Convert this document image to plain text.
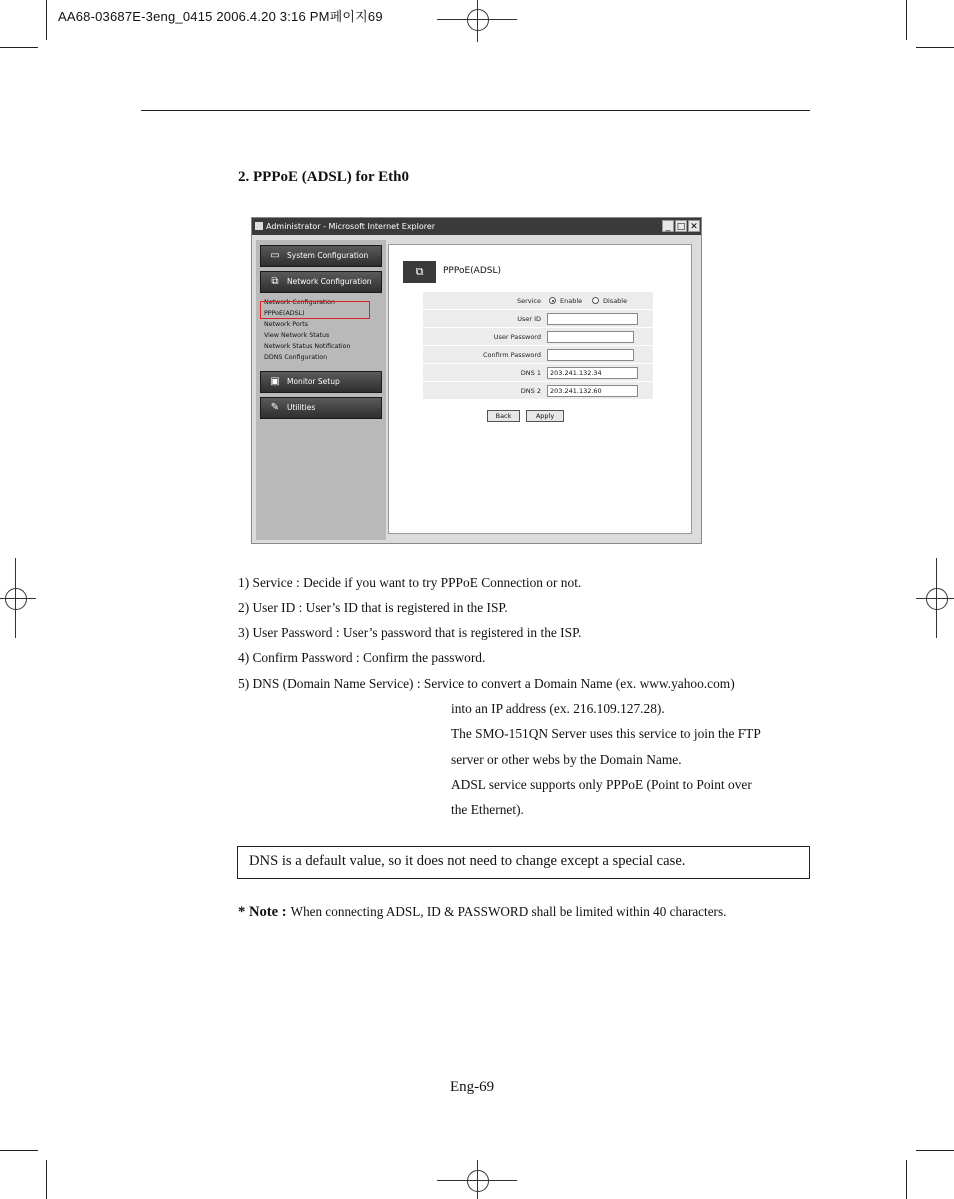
AA68-03687E-3eng_0415 2006.4.20 3:16 PM페이지69
2. PPPoE (ADSL) for Eth0
Administrator - Microsoft Internet Explorer	_ □ ✕
▭ System Configuration
⧉	Network Configuration
Network Configuration
PPPoE(ADSL)
Network Ports
View Network Status
Network Status Notification
DDNS Configuration
▣ Monitor Setup
✎	Utilities
⧉	PPPoE(ADSL)
Service	Enable	Disable
User ID
User Password
Confirm Password
DNS 1	203.241.132.34
DNS 2	203.241.132.60
Back	Apply
1) Service : Decide if you want to try PPPoE Connection or not.
2) User ID : User’s ID that is registered in the ISP.
3) User Password : User’s password that is registered in the ISP.
4) Confirm Password : Confirm the password.
5) DNS (Domain Name Service) : Service to convert a Domain Name (ex. www.yahoo.com)
into an IP address (ex. 216.109.127.28).
The SMO-151QN Server uses this service to join the FTP
server or other webs by the Domain Name.
ADSL service supports only PPPoE (Point to Point over
the Ethernet).
DNS is a default value, so it does not need to change except a special case.
* Note : When connecting ADSL, ID & PASSWORD shall be limited within 40 characters.
Eng-69
